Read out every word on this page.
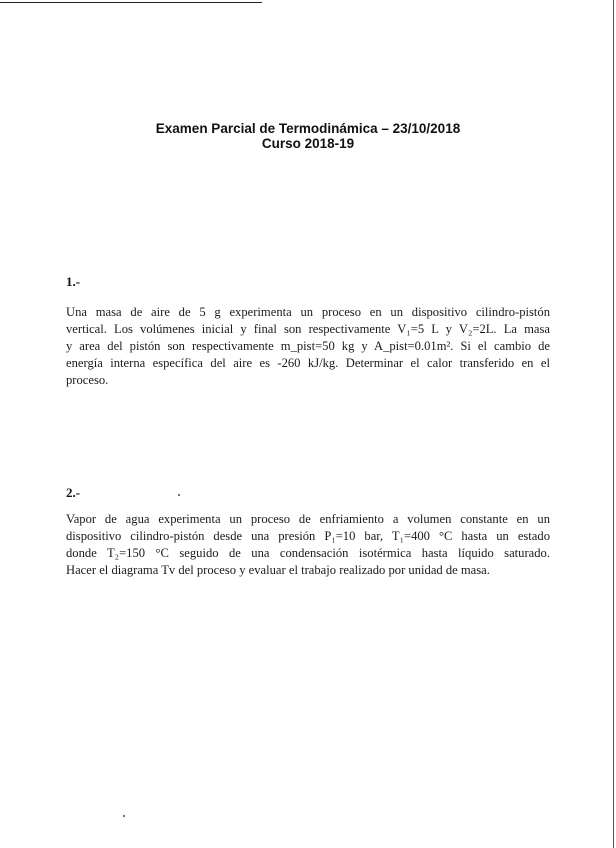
Examen Parcial de Termodinámica – 23/10/2018
Curso 2018-19
1.-
Una masa de aire de 5 g experimenta un proceso en un dispositivo cilindro-pistón
vertical. Los volúmenes inicial y final son respectivamente V₁=5 L y V₂=2L. La masa
y area del pistón son respectivamente m_pist=50 kg y A_pist=0.01m². Si el cambio de
energía interna específica del aire es -260 kJ/kg. Determinar el calor transferido en el
proceso.
2.-
Vapor de agua experimenta un proceso de enfriamiento a volumen constante en un
dispositivo cilindro-pistón desde una presión P₁=10 bar, T₁=400 °C hasta un estado
donde T₂=150 °C seguido de una condensación isotérmica hasta líquido saturado.
Hacer el diagrama Tv del proceso y evaluar el trabajo realizado por unidad de masa.
